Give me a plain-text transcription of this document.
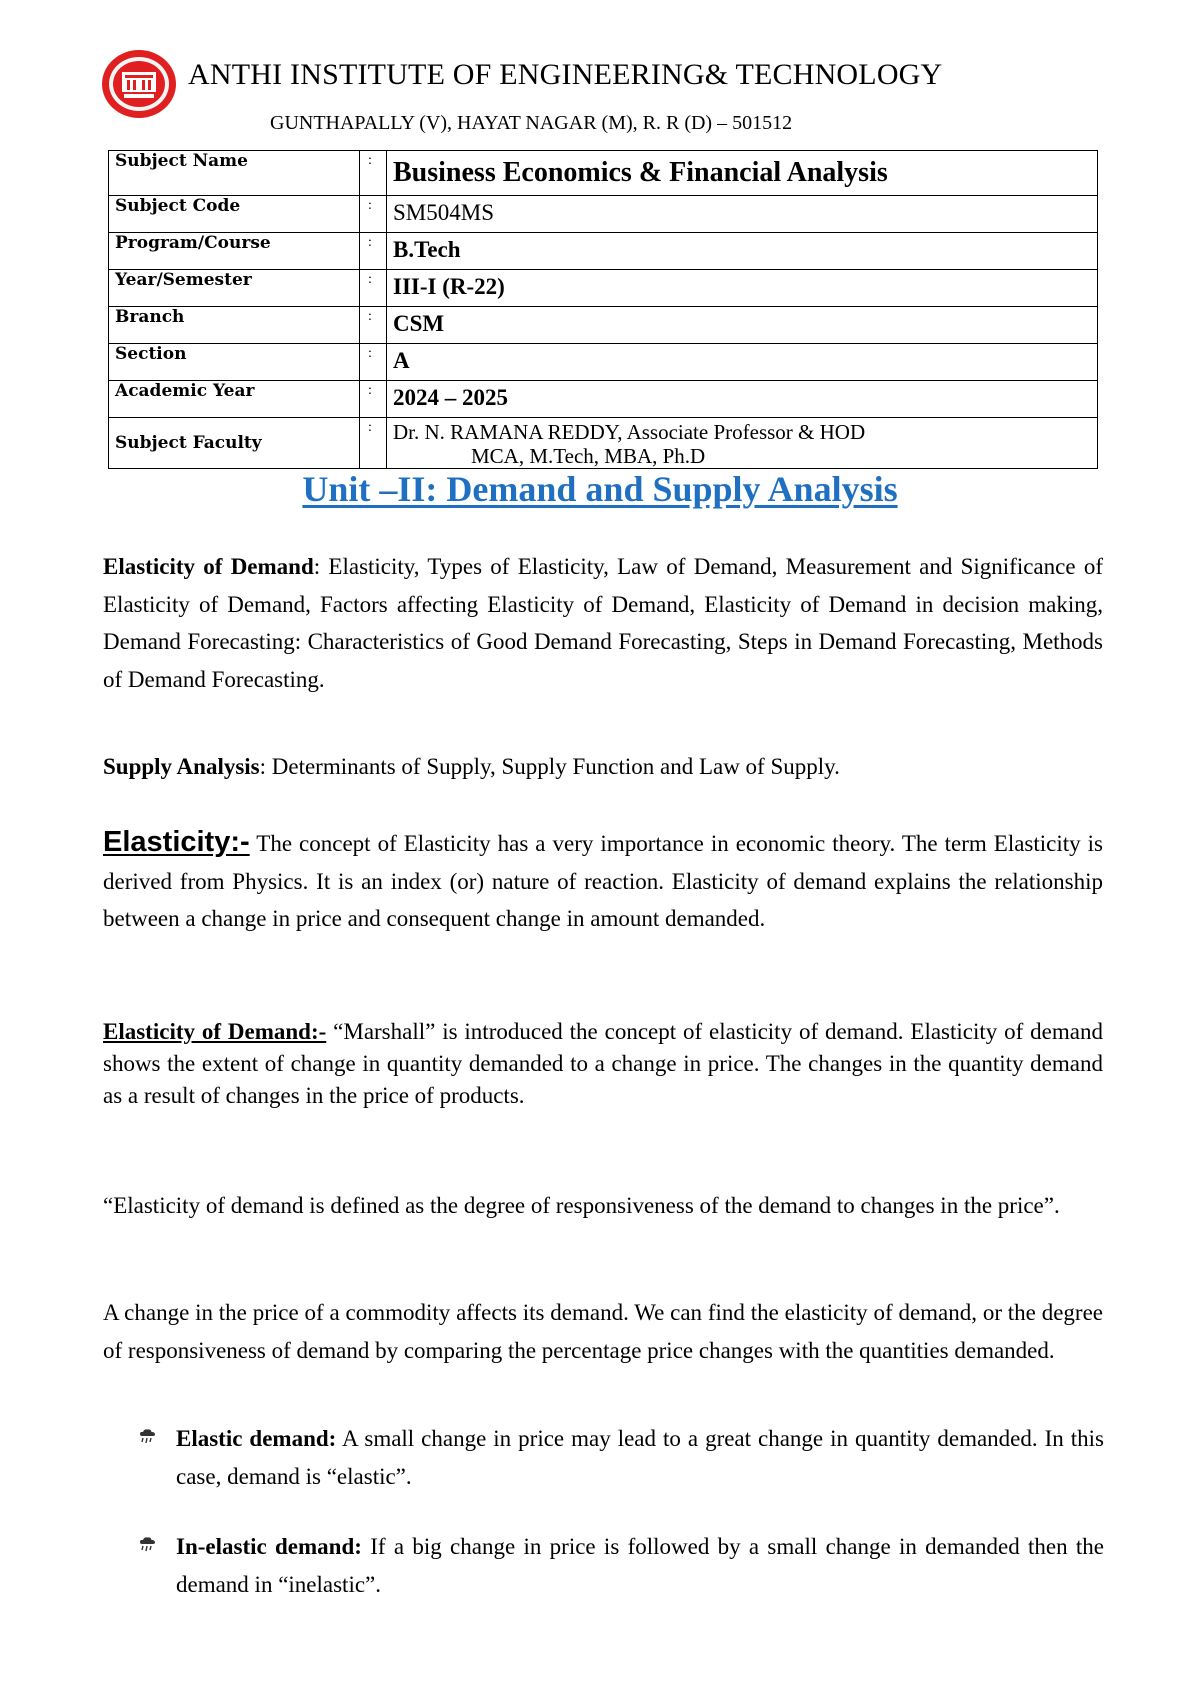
ANTHI INSTITUTE OF ENGINEERING& TECHNOLOGY
GUNTHAPALLY (V), HAYAT NAGAR (M), R. R (D) – 501512
Subject Name	:	Business Economics & Financial Analysis
Subject Code	:	SM504MS
Program/Course	:	B.Tech
Year/Semester	:	III-I (R-22)
Branch	:	CSM
Section	:	A
Academic Year	:	2024 – 2025
Subject Faculty	:	Dr. N. RAMANA REDDY, Associate Professor & HOD
MCA, M.Tech, MBA, Ph.D
Unit –II: Demand and Supply Analysis
Elasticity of Demand: Elasticity, Types of Elasticity, Law of Demand, Measurement and Significance of Elasticity of Demand, Factors affecting Elasticity of Demand, Elasticity of Demand in decision making, Demand Forecasting: Characteristics of Good Demand Forecasting, Steps in Demand Forecasting, Methods of Demand Forecasting.
Supply Analysis: Determinants of Supply, Supply Function and Law of Supply.
Elasticity:- The concept of Elasticity has a very importance in economic theory. The term Elasticity is derived from Physics. It is an index (or) nature of reaction. Elasticity of demand explains the relationship between a change in price and consequent change in amount demanded.
Elasticity of Demand:- “Marshall” is introduced the concept of elasticity of demand. Elasticity of demand shows the extent of change in quantity demanded to a change in price. The changes in the quantity demand as a result of changes in the price of products.
“Elasticity of demand is defined as the degree of responsiveness of the demand to changes in the price”.
A change in the price of a commodity affects its demand. We can find the elasticity of demand, or the degree of responsiveness of demand by comparing the percentage price changes with the quantities demanded.
Elastic demand: A small change in price may lead to a great change in quantity demanded. In this case, demand is “elastic”.
In-elastic demand: If a big change in price is followed by a small change in demanded then the demand in “inelastic”.
